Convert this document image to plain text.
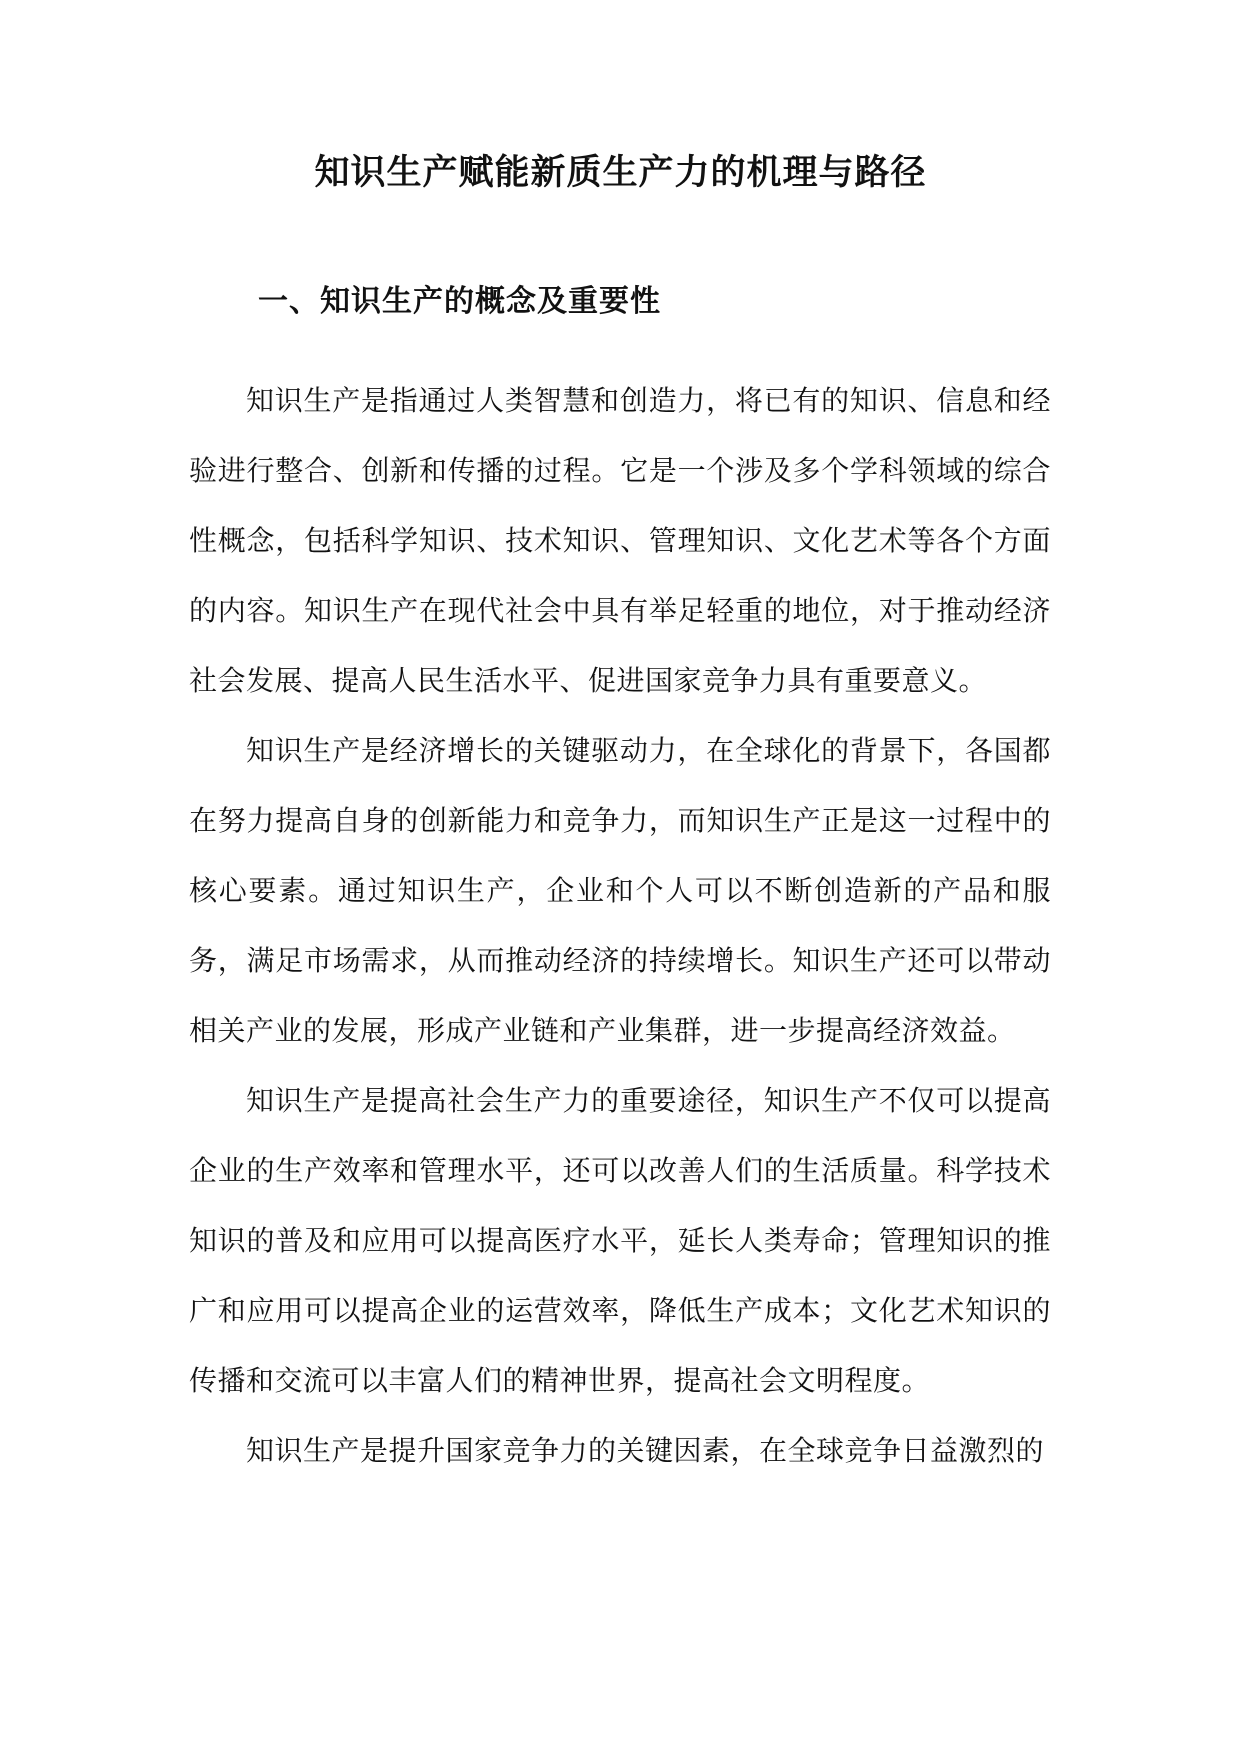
知识生产赋能新质生产力的机理与路径
一、知识生产的概念及重要性

知识生产是指通过人类智慧和创造力，将已有的知识、信息和经验进行整合、创新和传播的过程。它是一个涉及多个学科领域的综合性概念，包括科学知识、技术知识、管理知识、文化艺术等各个方面的内容。知识生产在现代社会中具有举足轻重的地位，对于推动经济社会发展、提高人民生活水平、促进国家竞争力具有重要意义。

知识生产是经济增长的关键驱动力，在全球化的背景下，各国都在努力提高自身的创新能力和竞争力，而知识生产正是这一过程中的核心要素。通过知识生产，企业和个人可以不断创造新的产品和服务，满足市场需求，从而推动经济的持续增长。知识生产还可以带动相关产业的发展，形成产业链和产业集群，进一步提高经济效益。

知识生产是提高社会生产力的重要途径，知识生产不仅可以提高企业的生产效率和管理水平，还可以改善人们的生活质量。科学技术知识的普及和应用可以提高医疗水平，延长人类寿命；管理知识的推广和应用可以提高企业的运营效率，降低生产成本；文化艺术知识的传播和交流可以丰富人们的精神世界，提高社会文明程度。

知识生产是提升国家竞争力的关键因素，在全球竞争日益激烈的
